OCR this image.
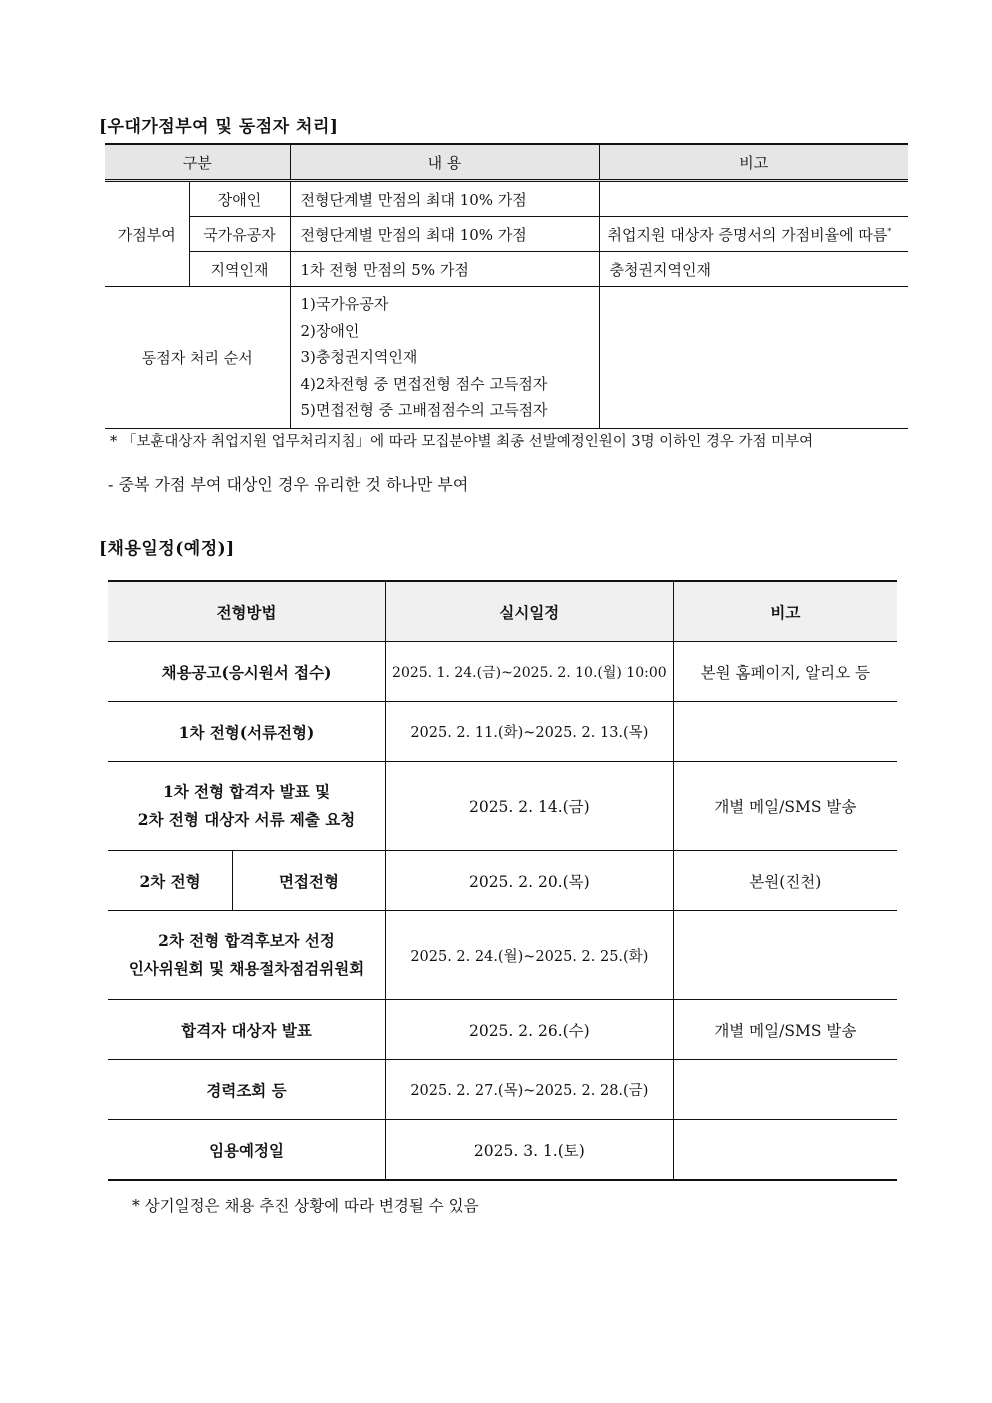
[우대가점부여 및 동점자 처리]
구분		내 용	비고
가점부여	장애인	전형단계별 만점의 최대 10% 가점	
	국가유공자	전형단계별 만점의 최대 10% 가점	취업지원 대상자 증명서의 가점비율에 따름*
	지역인재	1차 전형 만점의 5% 가점	충청권지역인재
동점자 처리 순서		1)국가유공자
2)장애인
3)충청권지역인재
4)2차전형 중 면접전형 점수 고득점자
5)면접전형 중 고배점점수의 고득점자	

* 「보훈대상자 취업지원 업무처리지침」에 따라 모집분야별 최종 선발예정인원이 3명 이하인 경우 가점 미부여
- 중복 가점 부여 대상인 경우 유리한 것 하나만 부여
[채용일정(예정)]
전형방법		실시일정	비고
채용공고(응시원서 접수)		2025. 1. 24.(금)~2025. 2. 10.(월) 10:00	본원 홈페이지, 알리오 등
1차 전형(서류전형)		2025. 2. 11.(화)~2025. 2. 13.(목)	

1차 전형 합격자 발표 및
2차 전형 대상자 서류 제출 요청		2025. 2. 14.(금)	개별 메일/SMS 발송
2차 전형	면접전형	2025. 2. 20.(목)	본원(진천)

2차 전형 합격후보자 선정
인사위원회 및 채용절차점검위원회		2025. 2. 24.(월)~2025. 2. 25.(화)	
합격자 대상자 발표		2025. 2. 26.(수)	개별 메일/SMS 발송
경력조회 등		2025. 2. 27.(목)~2025. 2. 28.(금)	
임용예정일		2025. 3. 1.(토)	
* 상기일정은 채용 추진 상황에 따라 변경될 수 있음
